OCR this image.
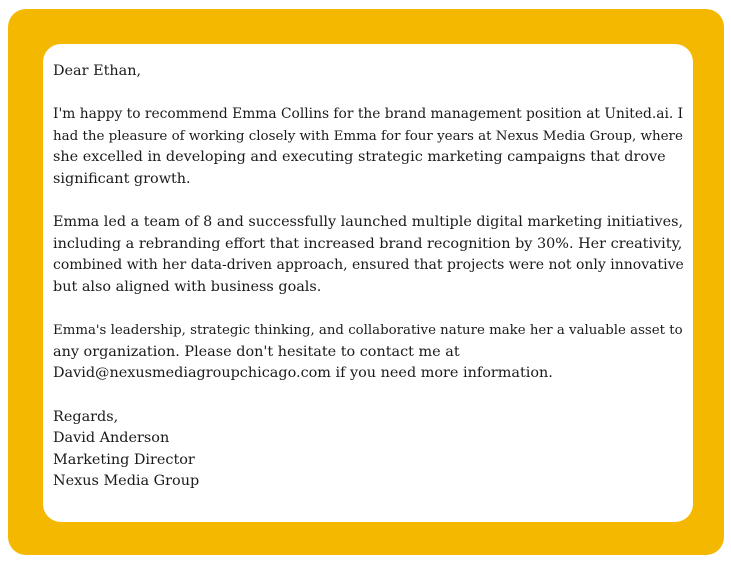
Dear Ethan,

I'm happy to recommend Emma Collins for the brand management position at United.ai. I
had the pleasure of working closely with Emma for four years at Nexus Media Group, where
she excelled in developing and executing strategic marketing campaigns that drove
significant growth.

Emma led a team of 8 and successfully launched multiple digital marketing initiatives,
including a rebranding effort that increased brand recognition by 30%. Her creativity,
combined with her data-driven approach, ensured that projects were not only innovative
but also aligned with business goals.

Emma's leadership, strategic thinking, and collaborative nature make her a valuable asset to
any organization. Please don't hesitate to contact me at
David@nexusmediagroupchicago.com if you need more information.

Regards,
David Anderson
Marketing Director
Nexus Media Group
